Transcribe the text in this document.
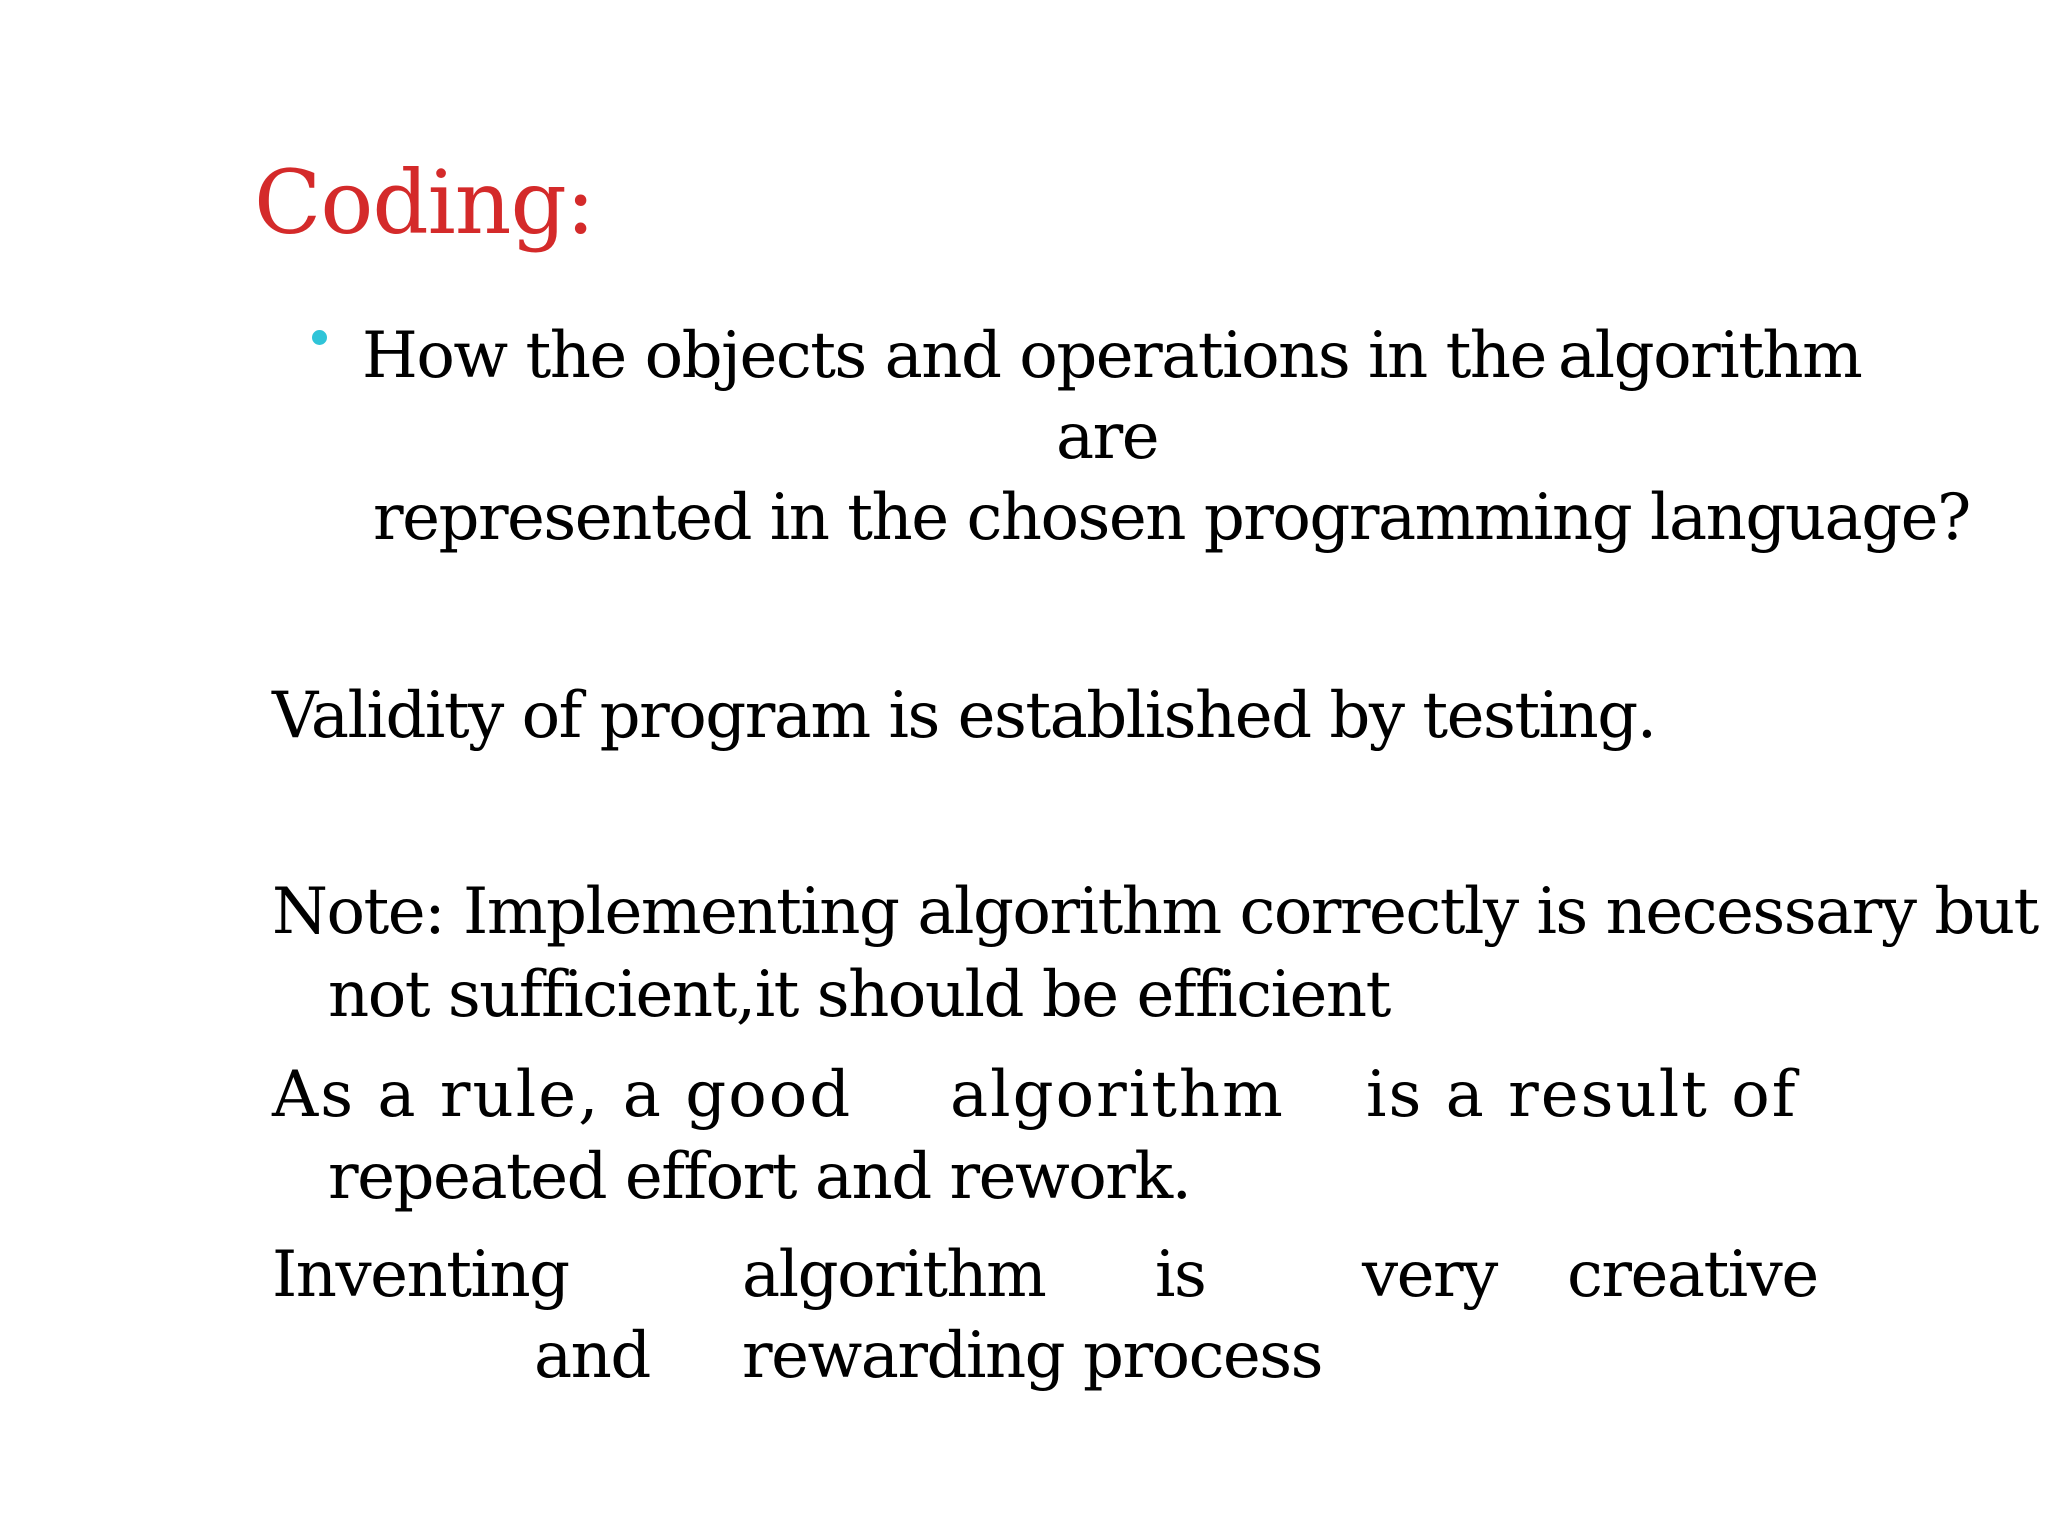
Coding:
How the objects and operations in the algorithm
are
represented in the chosen programming language?
Validity of program is established by testing.
Note: Implementing algorithm correctly is necessary but
not sufficient,it should be efficient
As a rule, a good algorithm is a result of
repeated effort and rework.
Inventing	algorithm is very creative
and rewarding process
